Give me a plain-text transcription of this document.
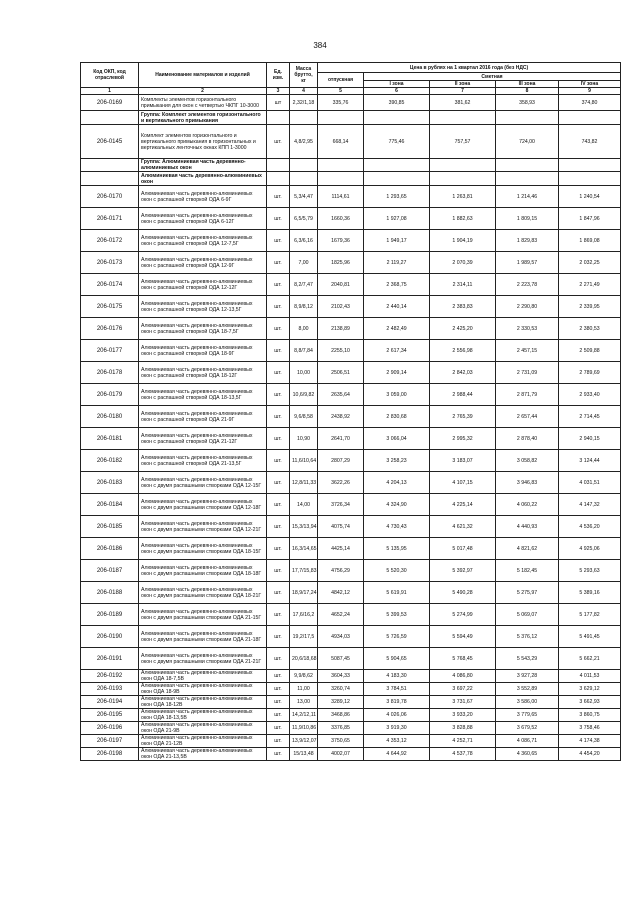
384
Код ОКП, код отраслевой	Наименование материалов и изделий	Ед. изм.	Масса брутто, кг	Цена в рублях на 1 квартал 2016 года (без НДС)				
				отпускная	Сметная			
					I зона	II зона	III зона	IV зона
1	2	3	4	5	6	7	8	9
206-0169	Комплекты элементов горизонтального примыкания для окон с четвертью ЧКПГ 10-3000	шт	2,32/1,18	335,76	390,85	381,62	358,93	374,80
	Группа: Комплект элементов горизонтального и вертикального примыкания							
206-0145	Комплект элементов горизонтального и вертикального примыкания в горизонтальных и вертикальных ленточных окнах КПП 1-3000	шт.	4,8/2,95	668,14	775,46	757,57	724,00	743,82
	Группа: Алюминиевая часть деревянно-алюминиевых окон							
	Алюминиевая часть деревянно-алюминиевых окон							
206-0170	Алюминиевая часть деревянно-алюминиевых окон с распашной створкой ОДА 6-9Г	шт.	5,3/4,47	1114,61	1 293,65	1 263,81	1 214,46	1 240,54
206-0171	Алюминиевая часть деревянно-алюминиевых окон с распашной створкой ОДА 6-12Г	шт.	6,5/5,79	1660,36	1 927,08	1 882,63	1 809,15	1 847,96
206-0172	Алюминиевая часть деревянно-алюминиевых окон с распашной створкой ОДА 12-7,5Г	шт.	6,3/6,16	1679,36	1 949,17	1 904,19	1 829,83	1 869,08
206-0173	Алюминиевая часть деревянно-алюминиевых окон с распашной створкой ОДА 12-9Г	шт.	7,00	1825,96	2 119,27	2 070,39	1 989,57	2 032,25
206-0174	Алюминиевая часть деревянно-алюминиевых окон с распашной створкой ОДА 12-12Г	шт.	8,2/7,47	2040,81	2 368,75	2 314,11	2 223,78	2 271,49
206-0175	Алюминиевая часть деревянно-алюминиевых окон с распашной створкой ОДА 12-13,5Г	шт.	8,9/8,12	2102,43	2 440,14	2 383,83	2 290,80	2 339,95
206-0176	Алюминиевая часть деревянно-алюминиевых окон с распашной створкой ОДА 18-7,5Г	шт.	8,00	2138,89	2 482,49	2 425,20	2 330,53	2 380,53
206-0177	Алюминиевая часть деревянно-алюминиевых окон с распашной створкой ОДА 18-9Г	шт.	8,8/7,84	2255,10	2 617,34	2 556,98	2 457,15	2 509,88
206-0178	Алюминиевая часть деревянно-алюминиевых окон с распашной створкой ОДА 18-12Г	шт.	10,00	2506,51	2 909,14	2 842,03	2 731,09	2 789,69
206-0179	Алюминиевая часть деревянно-алюминиевых окон с распашной створкой ОДА 18-13,5Г	шт.	10,6/9,82	2635,64	3 059,00	2 988,44	2 871,79	2 933,40
206-0180	Алюминиевая часть деревянно-алюминиевых окон с распашной створкой ОДА 21-9Г	шт.	9,6/8,58	2438,92	2 830,68	2 765,39	2 657,44	2 714,45
206-0181	Алюминиевая часть деревянно-алюминиевых окон с распашной створкой ОДА 21-12Г	шт.	10,90	2641,70	3 066,04	2 995,32	2 878,40	2 940,15
206-0182	Алюминиевая часть деревянно-алюминиевых окон с распашной створкой ОДА 21-13,5Г	шт.	11,6/10,64	2807,29	3 258,23	3 183,07	3 058,82	3 124,44
206-0183	Алюминиевая часть деревянно-алюминиевых окон с двумя распашными створками ОДА 12-15Г	шт.	12,8/11,33	3622,26	4 204,13	4 107,15	3 946,83	4 031,51
206-0184	Алюминиевая часть деревянно-алюминиевых окон с двумя распашными створками ОДА 12-18Г	шт.	14,00	3726,34	4 324,90	4 225,14	4 060,22	4 147,32
206-0185	Алюминиевая часть деревянно-алюминиевых окон с двумя распашными створками ОДА 12-21Г	шт.	15,3/13,94	4075,74	4 730,43	4 621,32	4 440,93	4 536,20
206-0186	Алюминиевая часть деревянно-алюминиевых окон с двумя распашными створками ОДА 18-15Г	шт.	16,3/14,65	4425,14	5 135,95	5 017,48	4 821,62	4 925,06
206-0187	Алюминиевая часть деревянно-алюминиевых окон с двумя распашными створками ОДА 18-18Г	шт.	17,7/15,83	4756,29	5 520,30	5 392,97	5 182,45	5 293,63
206-0188	Алюминиевая часть деревянно-алюминиевых окон с двумя распашными створками ОДА 18-21Г	шт.	18,9/17,24	4842,12	5 619,91	5 490,28	5 275,97	5 389,16
206-0189	Алюминиевая часть деревянно-алюминиевых окон с двумя распашными створками ОДА 21-15Г	шт.	17,6/16,2	4652,24	5 399,53	5 274,99	5 069,07	5 177,82
206-0190	Алюминиевая часть деревянно-алюминиевых окон с двумя распашными створками ОДА 21-18Г	шт.	19,2/17,5	4934,03	5 726,59	5 594,49	5 376,12	5 491,45
206-0191	Алюминиевая часть деревянно-алюминиевых окон с двумя распашными створками ОДА 21-21Г	шт.	20,6/18,68	5087,45	5 904,65	5 768,45	5 543,29	5 662,21
206-0192	Алюминиевая часть деревянно-алюминиевых окон ОДА 18-7,5В	шт.	9,9/8,62	3604,33	4 183,30	4 086,80	3 927,28	4 011,53
206-0193	Алюминиевая часть деревянно-алюминиевых окон ОДА 18-9В	шт.	11,00	3260,74	3 784,51	3 697,22	3 552,89	3 629,12
206-0194	Алюминиевая часть деревянно-алюминиевых окон ОДА 18-12В	шт.	13,00	3289,12	3 819,78	3 731,67	3 586,00	3 662,93
206-0195	Алюминиевая часть деревянно-алюминиевых окон ОДА 18-13,5В	шт.	14,2/12,11	3468,86	4 026,06	3 933,20	3 779,65	3 860,75
206-0196	Алюминиевая часть деревянно-алюминиевых окон ОДА 21-9В	шт.	11,9/10,86	3376,85	3 919,30	3 828,88	3 679,52	3 758,46
206-0197	Алюминиевая часть деревянно-алюминиевых окон ОДА 21-12В	шт.	13,9/12,07	3750,65	4 353,12	4 252,71	4 086,71	4 174,38
206-0198	Алюминиевая часть деревянно-алюминиевых окон ОДА 21-13,5В	шт.	15/13,48	4002,07	4 644,92	4 537,78	4 360,65	4 454,20
